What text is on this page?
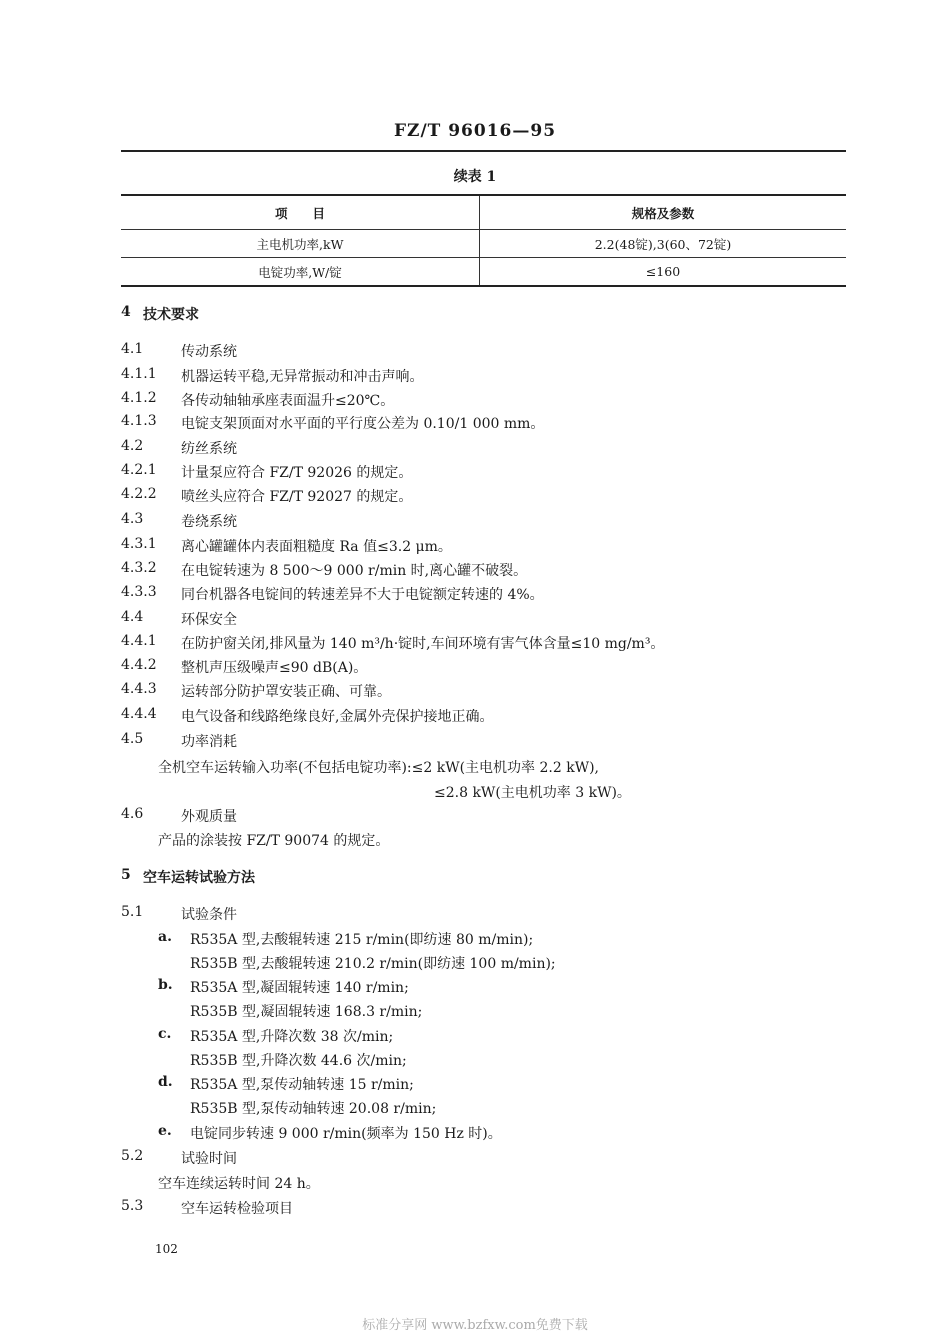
FZ/T 96016—95
续表 1
项　　目	规格及参数
主电机功率,kW	2.2(48锭),3(60、72锭)
电锭功率,W/锭	≤160
4 技术要求
4.1	传动系统
4.1.1 机器运转平稳,无异常振动和冲击声响。
4.1.2 各传动轴轴承座表面温升≤20℃。
4.1.3 电锭支架顶面对水平面的平行度公差为 0.10/1 000 mm。
4.2	纺丝系统
4.2.1 计量泵应符合 FZ/T 92026 的规定。
4.2.2 喷丝头应符合 FZ/T 92027 的规定。
4.3	卷绕系统
4.3.1 离心罐罐体内表面粗糙度 Ra 值≤3.2 μm。
4.3.2 在电锭转速为 8 500～9 000 r/min 时,离心罐不破裂。
4.3.3 同台机器各电锭间的转速差异不大于电锭额定转速的 4%。
4.4	环保安全
4.4.1 在防护窗关闭,排风量为 140 m³/h·锭时,车间环境有害气体含量≤10 mg/m³。
4.4.2 整机声压级噪声≤90 dB(A)。
4.4.3 运转部分防护罩安装正确、可靠。
4.4.4 电气设备和线路绝缘良好,金属外壳保护接地正确。
4.5	功率消耗
全机空车运转输入功率(不包括电锭功率):≤2 kW(主电机功率 2.2 kW),
≤2.8 kW(主电机功率 3 kW)。
4.6	外观质量
产品的涂装按 FZ/T 90074 的规定。
5 空车运转试验方法
5.1	试验条件
a. R535A 型,去酸辊转速 215 r/min(即纺速 80 m/min);
R535B 型,去酸辊转速 210.2 r/min(即纺速 100 m/min);
b. R535A 型,凝固辊转速 140 r/min;
R535B 型,凝固辊转速 168.3 r/min;
c. R535A 型,升降次数 38 次/min;
R535B 型,升降次数 44.6 次/min;
d. R535A 型,泵传动轴转速 15 r/min;
R535B 型,泵传动轴转速 20.08 r/min;
e. 电锭同步转速 9 000 r/min(频率为 150 Hz 时)。
5.2	试验时间
空车连续运转时间 24 h。
5.3	空车运转检验项目
102
标准分享网 www.bzfxw.com免费下载
